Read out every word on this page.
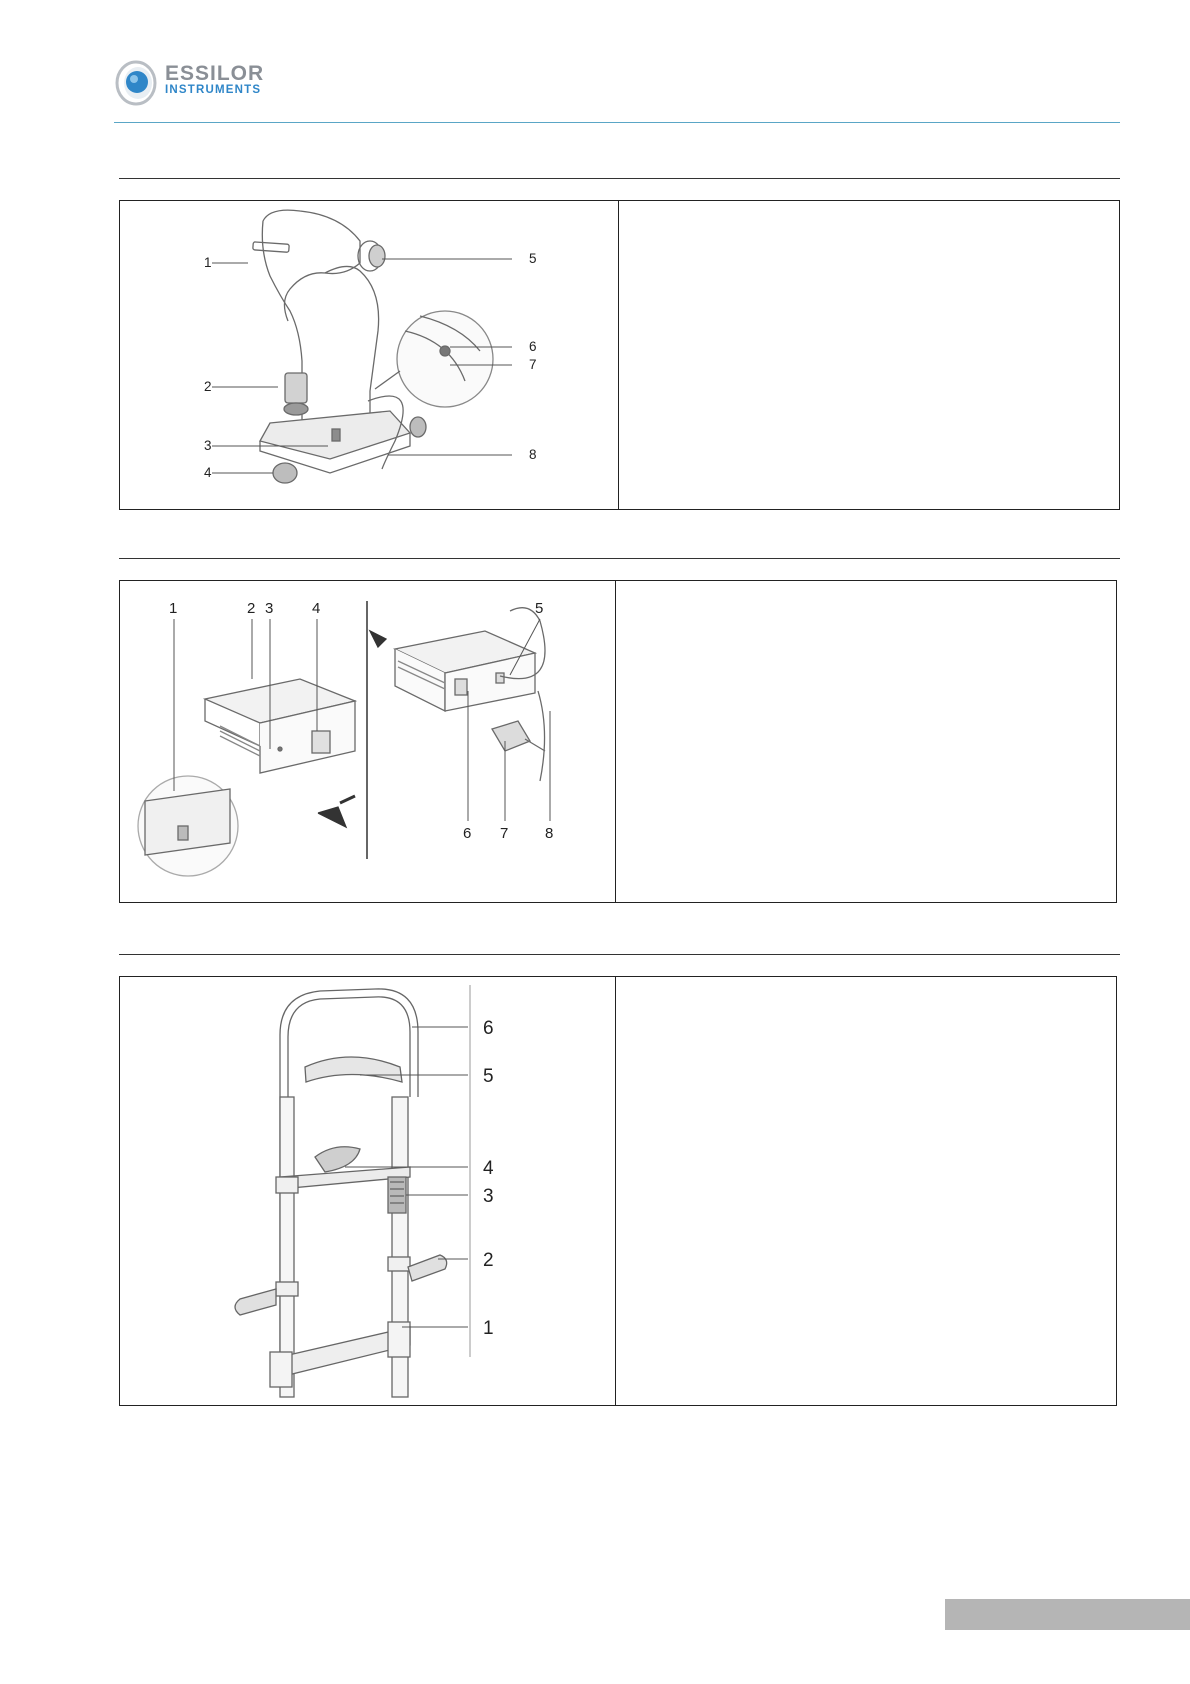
ESSILOR
INSTRUMENTS
1
2
3
4
5
6
7
8
1	2 3	4	5
6 7 8
6
5
4
3
2
1
